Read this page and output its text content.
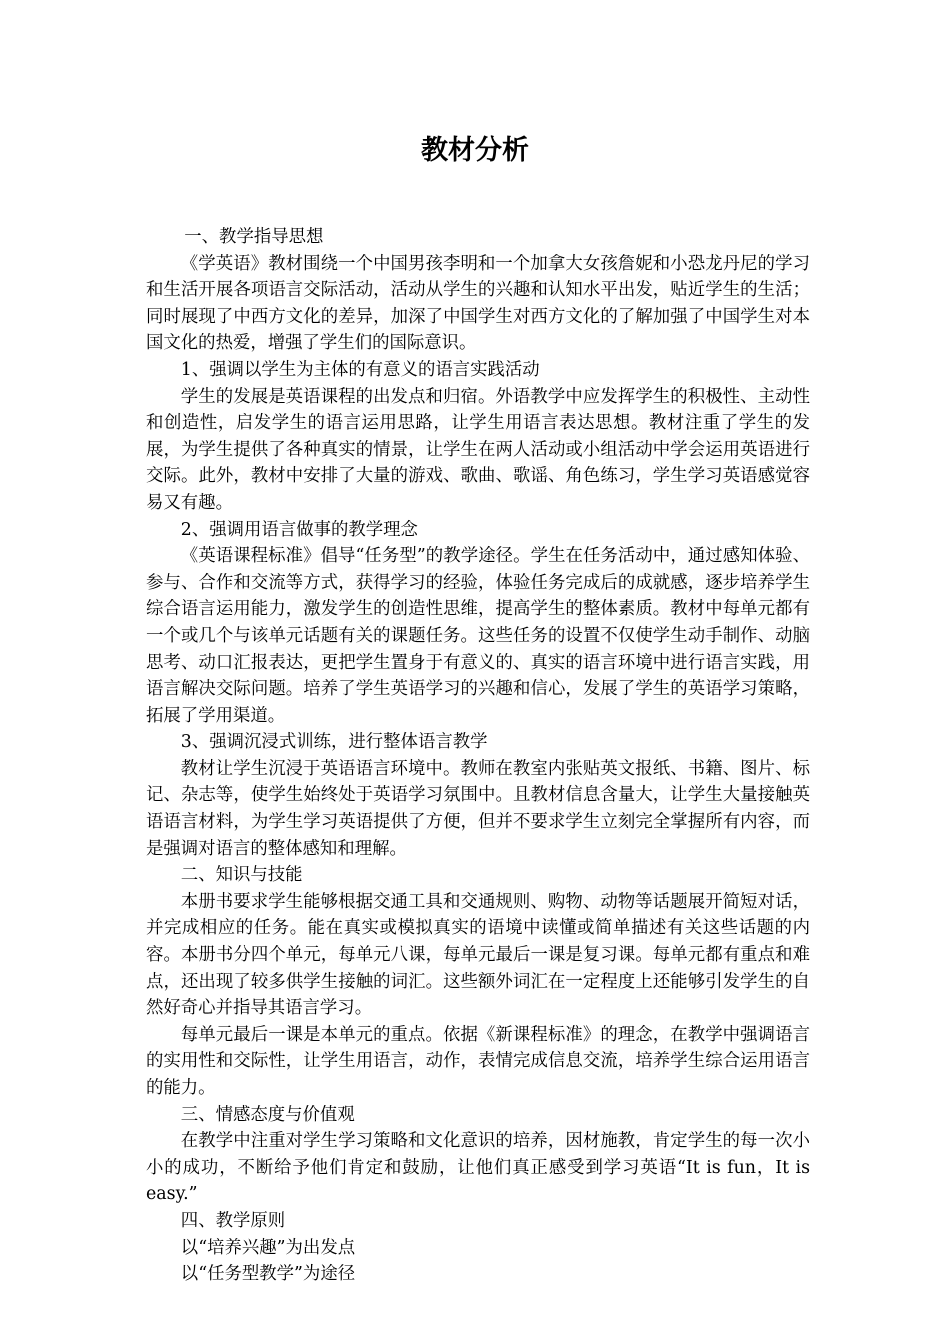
教材分析

一、教学指导思想

《学英语》教材围绕一个中国男孩李明和一个加拿大女孩詹妮和小恐龙丹尼的学习和生活开展各项语言交际活动，活动从学生的兴趣和认知水平出发，贴近学生的生活；同时展现了中西方文化的差异，加深了中国学生对西方文化的了解加强了中国学生对本国文化的热爱，增强了学生们的国际意识。

1、强调以学生为主体的有意义的语言实践活动

学生的发展是英语课程的出发点和归宿。外语教学中应发挥学生的积极性、主动性和创造性，启发学生的语言运用思路，让学生用语言表达思想。教材注重了学生的发展，为学生提供了各种真实的情景，让学生在两人活动或小组活动中学会运用英语进行交际。此外，教材中安排了大量的游戏、歌曲、歌谣、角色练习，学生学习英语感觉容易又有趣。

2、强调用语言做事的教学理念

《英语课程标准》倡导“任务型”的教学途径。学生在任务活动中，通过感知体验、参与、合作和交流等方式，获得学习的经验，体验任务完成后的成就感，逐步培养学生综合语言运用能力，激发学生的创造性思维，提高学生的整体素质。教材中每单元都有一个或几个与该单元话题有关的课题任务。这些任务的设置不仅使学生动手制作、动脑思考、动口汇报表达，更把学生置身于有意义的、真实的语言环境中进行语言实践，用语言解决交际问题。培养了学生英语学习的兴趣和信心，发展了学生的英语学习策略，拓展了学用渠道。

3、强调沉浸式训练，进行整体语言教学

教材让学生沉浸于英语语言环境中。教师在教室内张贴英文报纸、书籍、图片、标记、杂志等，使学生始终处于英语学习氛围中。且教材信息含量大，让学生大量接触英语语言材料，为学生学习英语提供了方便，但并不要求学生立刻完全掌握所有内容，而是强调对语言的整体感知和理解。

二、知识与技能

本册书要求学生能够根据交通工具和交通规则、购物、动物等话题展开简短对话，并完成相应的任务。能在真实或模拟真实的语境中读懂或简单描述有关这些话题的内容。本册书分四个单元，每单元八课，每单元最后一课是复习课。每单元都有重点和难点，还出现了较多供学生接触的词汇。这些额外词汇在一定程度上还能够引发学生的自然好奇心并指导其语言学习。

每单元最后一课是本单元的重点。依据《新课程标准》的理念，在教学中强调语言的实用性和交际性，让学生用语言，动作，表情完成信息交流，培养学生综合运用语言的能力。

三、情感态度与价值观

在教学中注重对学生学习策略和文化意识的培养，因材施教，肯定学生的每一次小小的成功，不断给予他们肯定和鼓励，让他们真正感受到学习英语“It is fun，It is easy.”

四、教学原则

以“培养兴趣”为出发点

以“任务型教学”为途径
